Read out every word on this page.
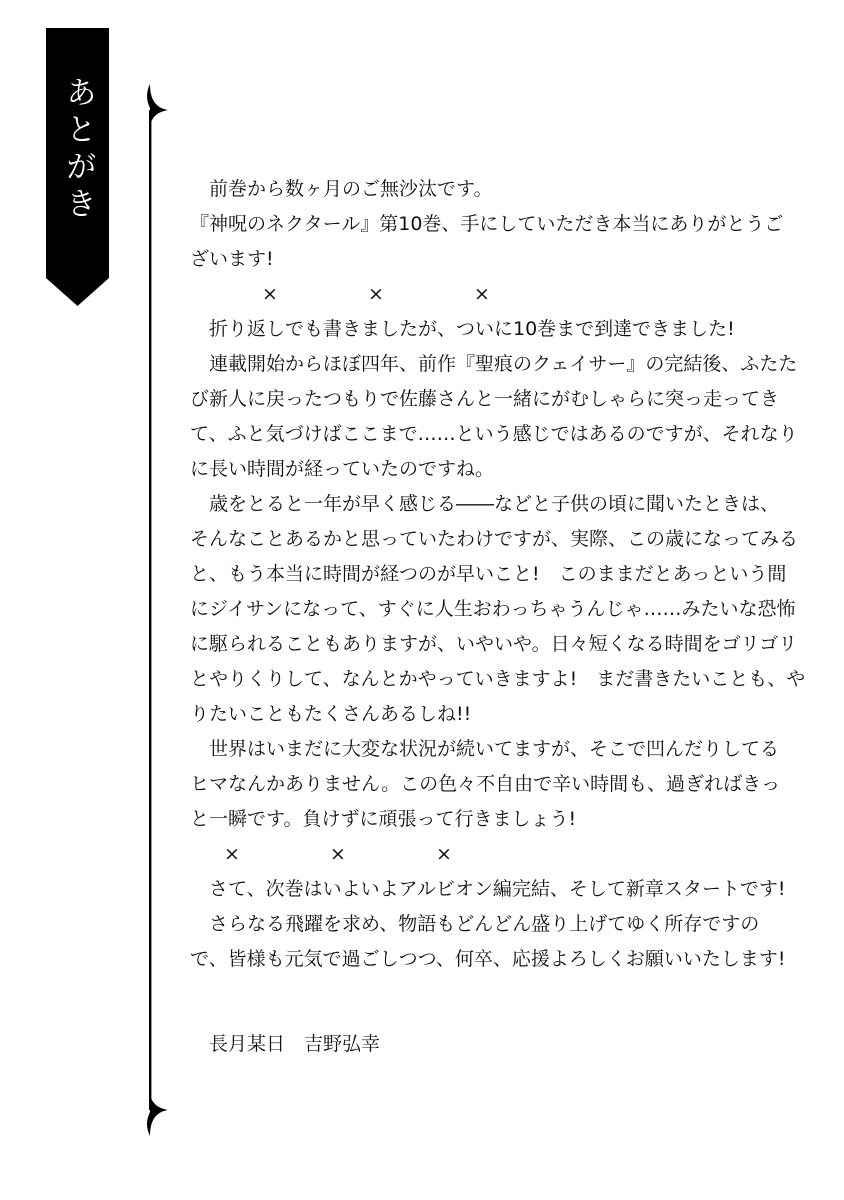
あとがき	前巻から数ヶ月のご無沙汰です。

『神呪のネクタール』第10巻、手にしていただき本当にありがとうご

ざいます!

×	×	×

折り返しでも書きましたが、ついに10巻まで到達できました!

連載開始からほぼ四年、前作『聖痕のクェイサー』の完結後、ふたた

び新人に戻ったつもりで佐藤さんと一緒にがむしゃらに突っ走ってき

て、ふと気づけばここまで……という感じではあるのですが、それなり

に長い時間が経っていたのですね。

歳をとると一年が早く感じる――などと子供の頃に聞いたときは、

そんなことあるかと思っていたわけですが、実際、この歳になってみる

と、もう本当に時間が経つのが早いこと!　このままだとあっという間

にジイサンになって、すぐに人生おわっちゃうんじゃ……みたいな恐怖

に駆られることもありますが、いやいや。日々短くなる時間をゴリゴリ

とやりくりして、なんとかやっていきますよ!　まだ書きたいことも、や

りたいこともたくさんあるしね!!

世界はいまだに大変な状況が続いてますが、そこで凹んだりしてる

ヒマなんかありません。この色々不自由で辛い時間も、過ぎればきっ

と一瞬です。負けずに頑張って行きましょう!

×	×	×

さて、次巻はいよいよアルビオン編完結、そして新章スタートです!

さらなる飛躍を求め、物語もどんどん盛り上げてゆく所存ですの

で、皆様も元気で過ごしつつ、何卒、応援よろしくお願いいたします!

長月某日　吉野弘幸
